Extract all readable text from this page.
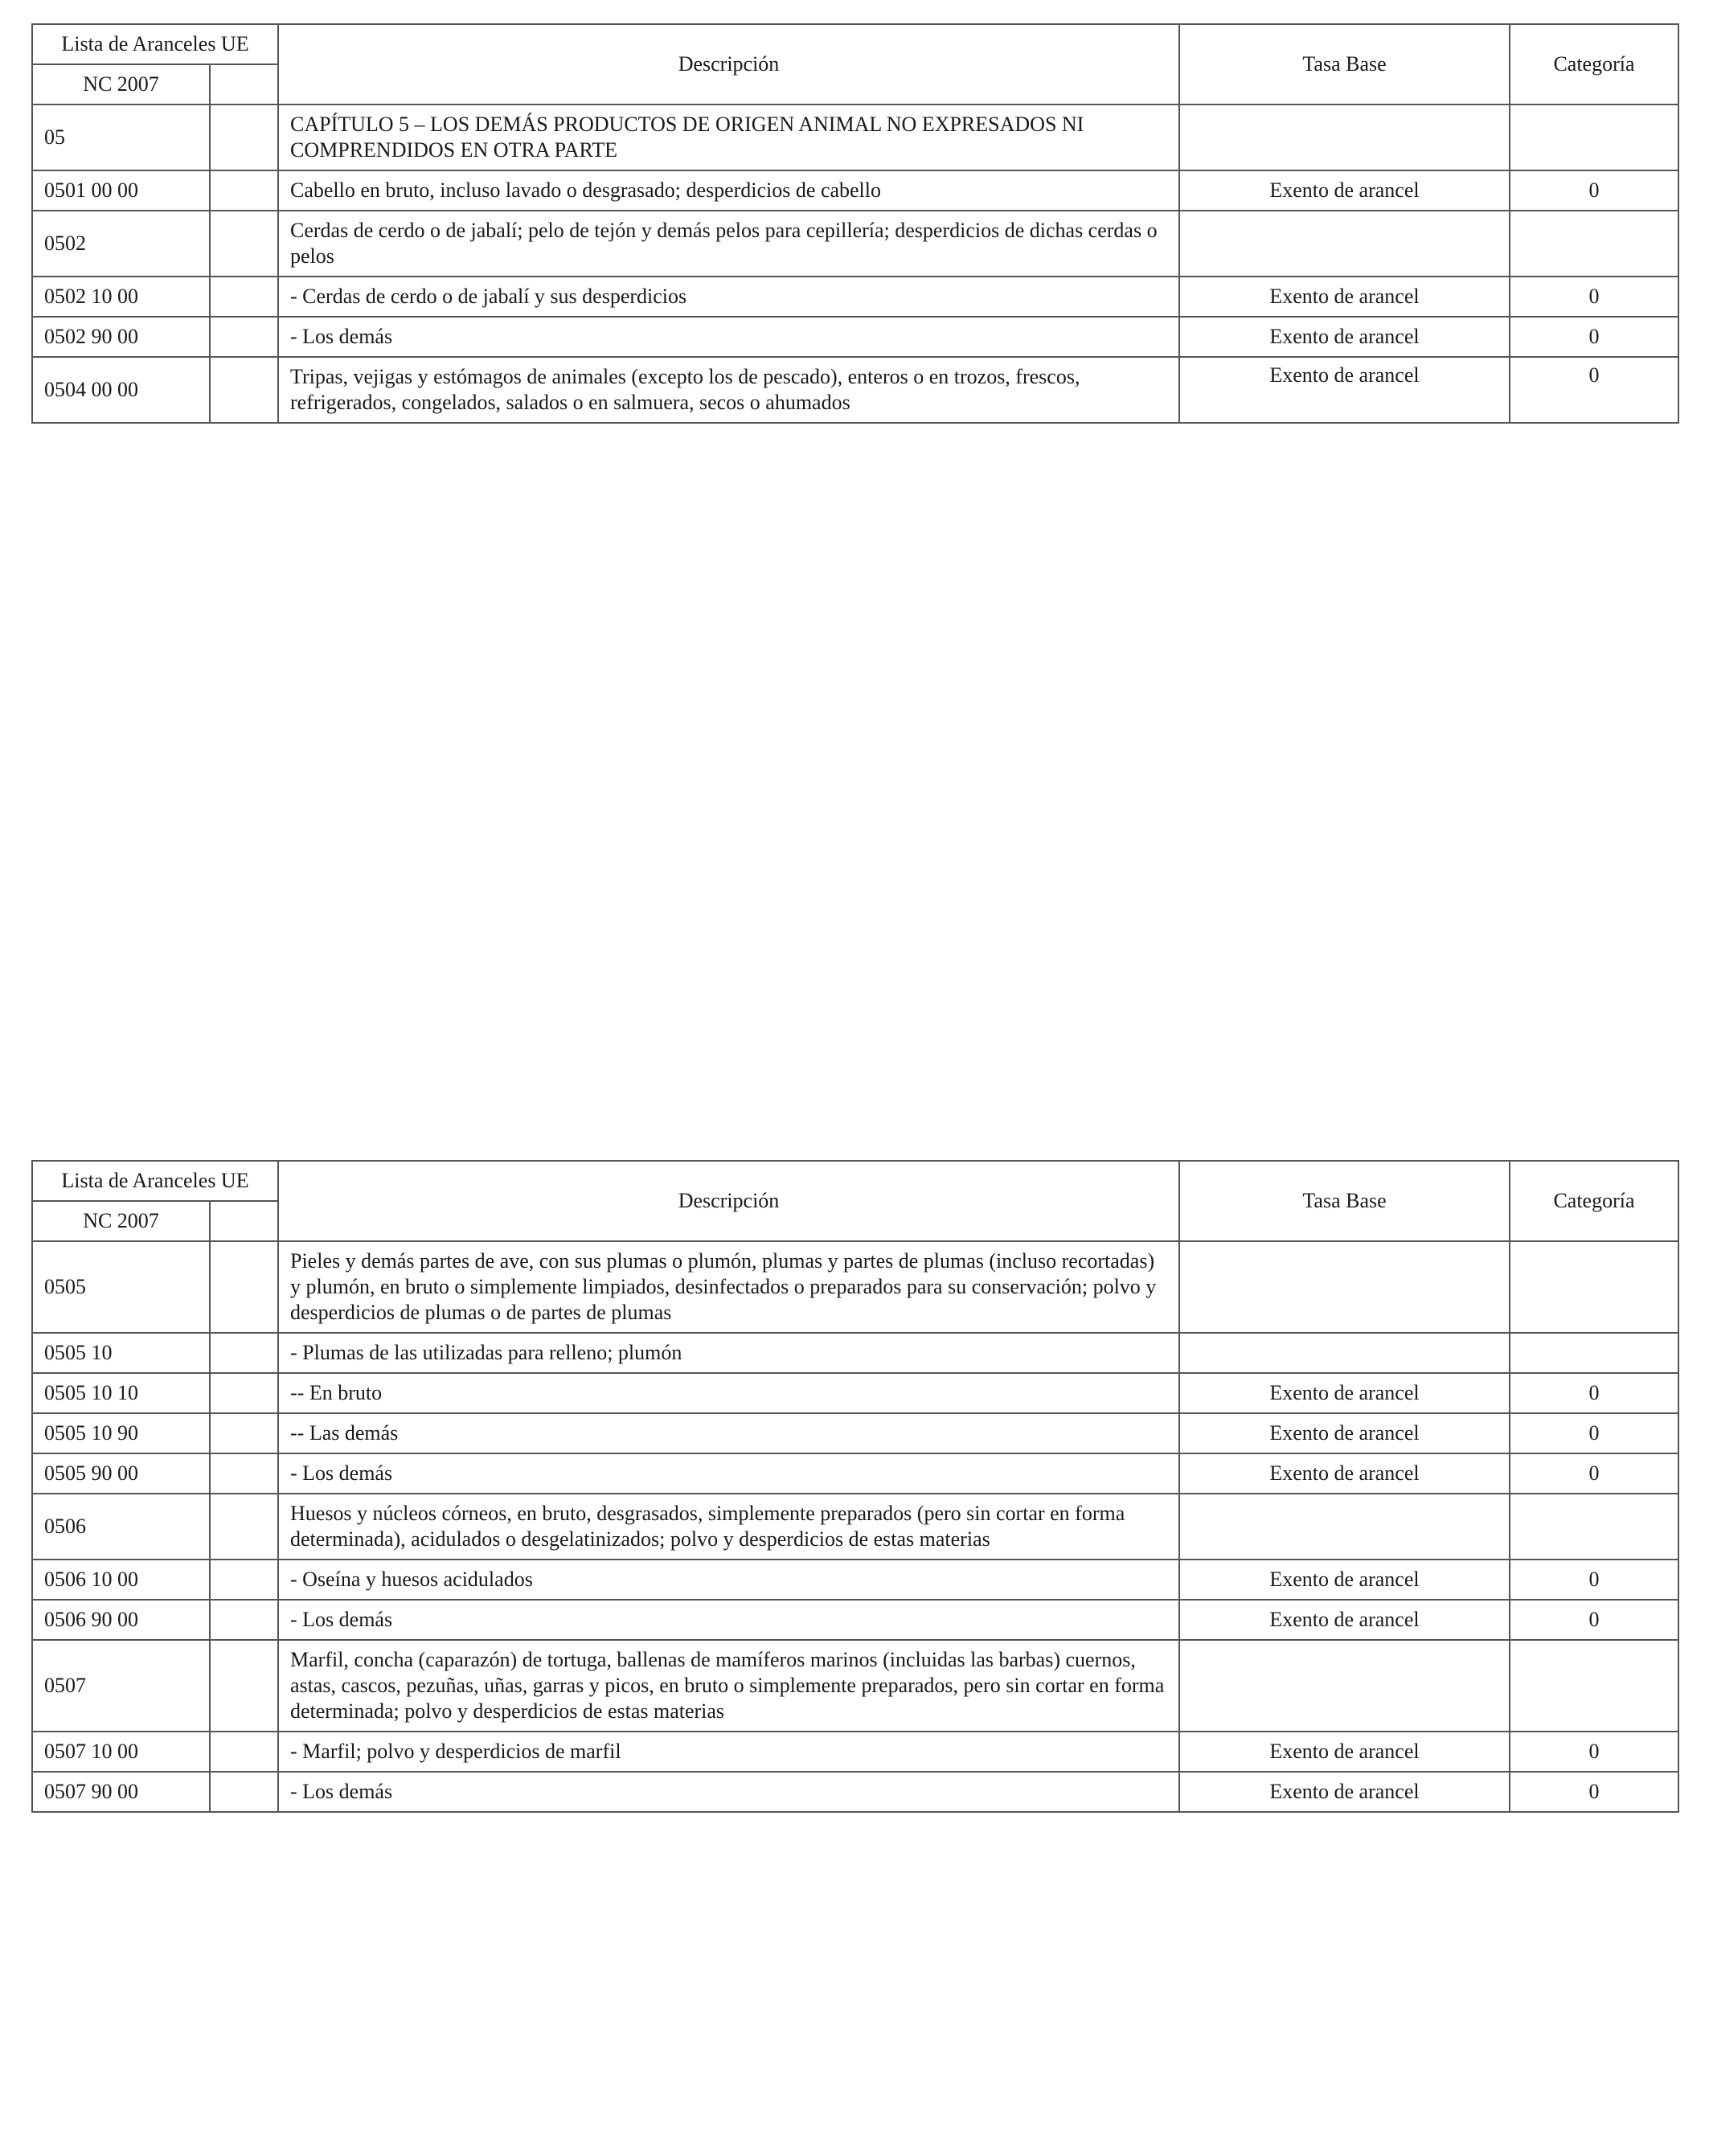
Lista de Aranceles UE		Descripción	Tasa Base	Categoría
NC 2007				
05		CAPÍTULO 5 – LOS DEMÁS PRODUCTOS DE ORIGEN ANIMAL NO EXPRESADOS NI COMPRENDIDOS EN OTRA PARTE		
0501 00 00		Cabello en bruto, incluso lavado o desgrasado; desperdicios de cabello	Exento de arancel	0
0502		Cerdas de cerdo o de jabalí; pelo de tejón y demás pelos para cepillería; desperdicios de dichas cerdas o pelos		
0502 10 00		- Cerdas de cerdo o de jabalí y sus desperdicios	Exento de arancel	0
0502 90 00		- Los demás	Exento de arancel	0
0504 00 00		Tripas, vejigas y estómagos de animales (excepto los de pescado), enteros o en trozos, frescos, refrigerados, congelados, salados o en salmuera, secos o ahumados	Exento de arancel	0
Lista de Aranceles UE		Descripción	Tasa Base	Categoría
NC 2007				
0505		Pieles y demás partes de ave, con sus plumas o plumón, plumas y partes de plumas (incluso recortadas) y plumón, en bruto o simplemente limpiados, desinfectados o preparados para su conservación; polvo y desperdicios de plumas o de partes de plumas		
0505 10		- Plumas de las utilizadas para relleno; plumón		
0505 10 10		-- En bruto	Exento de arancel	0
0505 10 90		-- Las demás	Exento de arancel	0
0505 90 00		- Los demás	Exento de arancel	0
0506		Huesos y núcleos córneos, en bruto, desgrasados, simplemente preparados (pero sin cortar en forma determinada), acidulados o desgelatinizados; polvo y desperdicios de estas materias		
0506 10 00		- Oseína y huesos acidulados	Exento de arancel	0
0506 90 00		- Los demás	Exento de arancel	0
0507		Marfil, concha (caparazón) de tortuga, ballenas de mamíferos marinos (incluidas las barbas) cuernos, astas, cascos, pezuñas, uñas, garras y picos, en bruto o simplemente preparados, pero sin cortar en forma determinada; polvo y desperdicios de estas materias		
0507 10 00		- Marfil; polvo y desperdicios de marfil	Exento de arancel	0
0507 90 00		- Los demás	Exento de arancel	0
